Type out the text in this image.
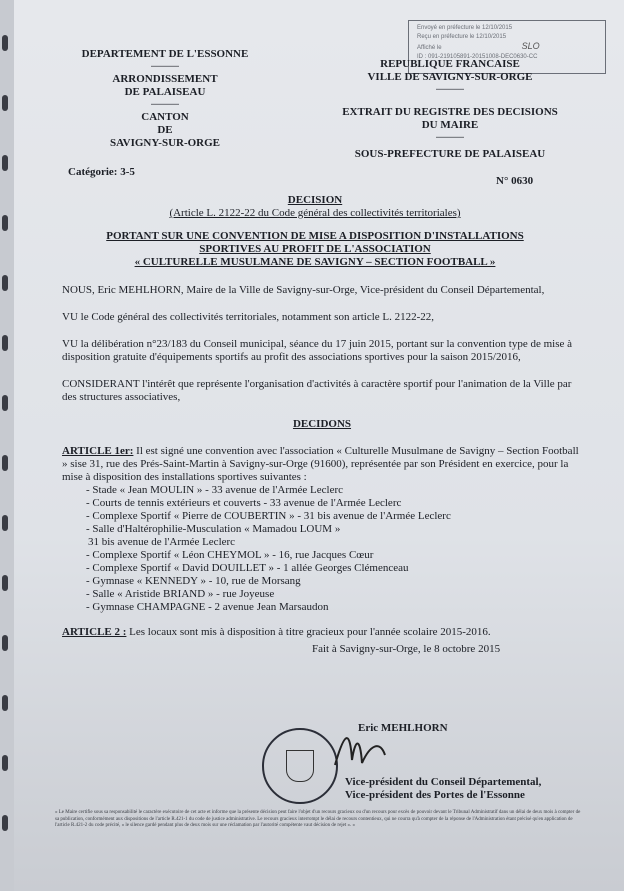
Envoyé en préfecture le 12/10/2015
Reçu en préfecture le 12/10/2015
Affiché le	SLO
ID : 091-219105891-20151008-DEC0630-CC
DEPARTEMENT DE L'ESSONNE
..............
ARRONDISSEMENT
DE PALAISEAU
..............
CANTON
DE
SAVIGNY-SUR-ORGE
Catégorie: 3-5
REPUBLIQUE FRANCAISE
VILLE DE SAVIGNY-SUR-ORGE
..............
EXTRAIT DU REGISTRE DES DECISIONS
DU MAIRE
..............
SOUS-PREFECTURE DE PALAISEAU
N° 0630
DECISION
(Article L. 2122-22 du Code général des collectivités territoriales)
PORTANT SUR UNE CONVENTION DE MISE A DISPOSITION D'INSTALLATIONS
SPORTIVES AU PROFIT DE L'ASSOCIATION
« CULTURELLE MUSULMANE DE SAVIGNY – SECTION FOOTBALL »

NOUS, Eric MEHLHORN, Maire de la Ville de Savigny-sur-Orge, Vice-président du Conseil Départemental,

VU le Code général des collectivités territoriales, notamment son article L. 2122-22,

VU la délibération n°23/183 du Conseil municipal, séance du 17 juin 2015, portant sur la convention type de mise à disposition gratuite d'équipements sportifs au profit des associations sportives pour la saison 2015/2016,

CONSIDERANT l'intérêt que représente l'organisation d'activités à caractère sportif pour l'animation de la Ville par des structures associatives,

DECIDONS

ARTICLE 1er: Il est signé une convention avec l'association « Culturelle Musulmane de Savigny – Section Football » sise 31, rue des Prés-Saint-Martin à Savigny-sur-Orge (91600), représentée par son Président en exercice, pour la mise à disposition des installations sportives suivantes :

- Stade « Jean MOULIN » - 33 avenue de l'Armée Leclerc
- Courts de tennis extérieurs et couverts - 33 avenue de l'Armée Leclerc
- Complexe Sportif « Pierre de COUBERTIN » - 31 bis avenue de l'Armée Leclerc
- Salle d'Haltérophilie-Musculation « Mamadou LOUM »
31 bis avenue de l'Armée Leclerc
- Complexe Sportif « Léon CHEYMOL » - 16, rue Jacques Cœur
- Complexe Sportif « David DOUILLET » - 1 allée Georges Clémenceau
- Gymnase « KENNEDY » - 10, rue de Morsang
- Salle « Aristide BRIAND » - rue Joyeuse
- Gymnase CHAMPAGNE - 2 avenue Jean Marsaudon

ARTICLE 2 : Les locaux sont mis à disposition à titre gracieux pour l'année scolaire 2015-2016.

Fait à Savigny-sur-Orge, le 8 octobre 2015

Eric MEHLHORN
Vice-président du Conseil Départemental,
Vice-président des Portes de l'Essonne
« Le Maire certifie sous sa responsabilité le caractère exécutoire de cet acte et informe que la présente décision peut faire l'objet d'un recours gracieux ou d'un recours pour excès de pouvoir devant le Tribunal Administratif dans un délai de deux mois à compter de sa publication, conformément aux dispositions de l'article R.421-1 du code de justice administrative. Le recours gracieux interrompt le délai de recours contentieux, qui ne courra qu'à compter de la réponse de l'Administration étant précisé qu'en application de l'article R.421-2 du code précité, « le silence gardé pendant plus de deux mois sur une réclamation par l'autorité compétente vaut décision de rejet ». »
